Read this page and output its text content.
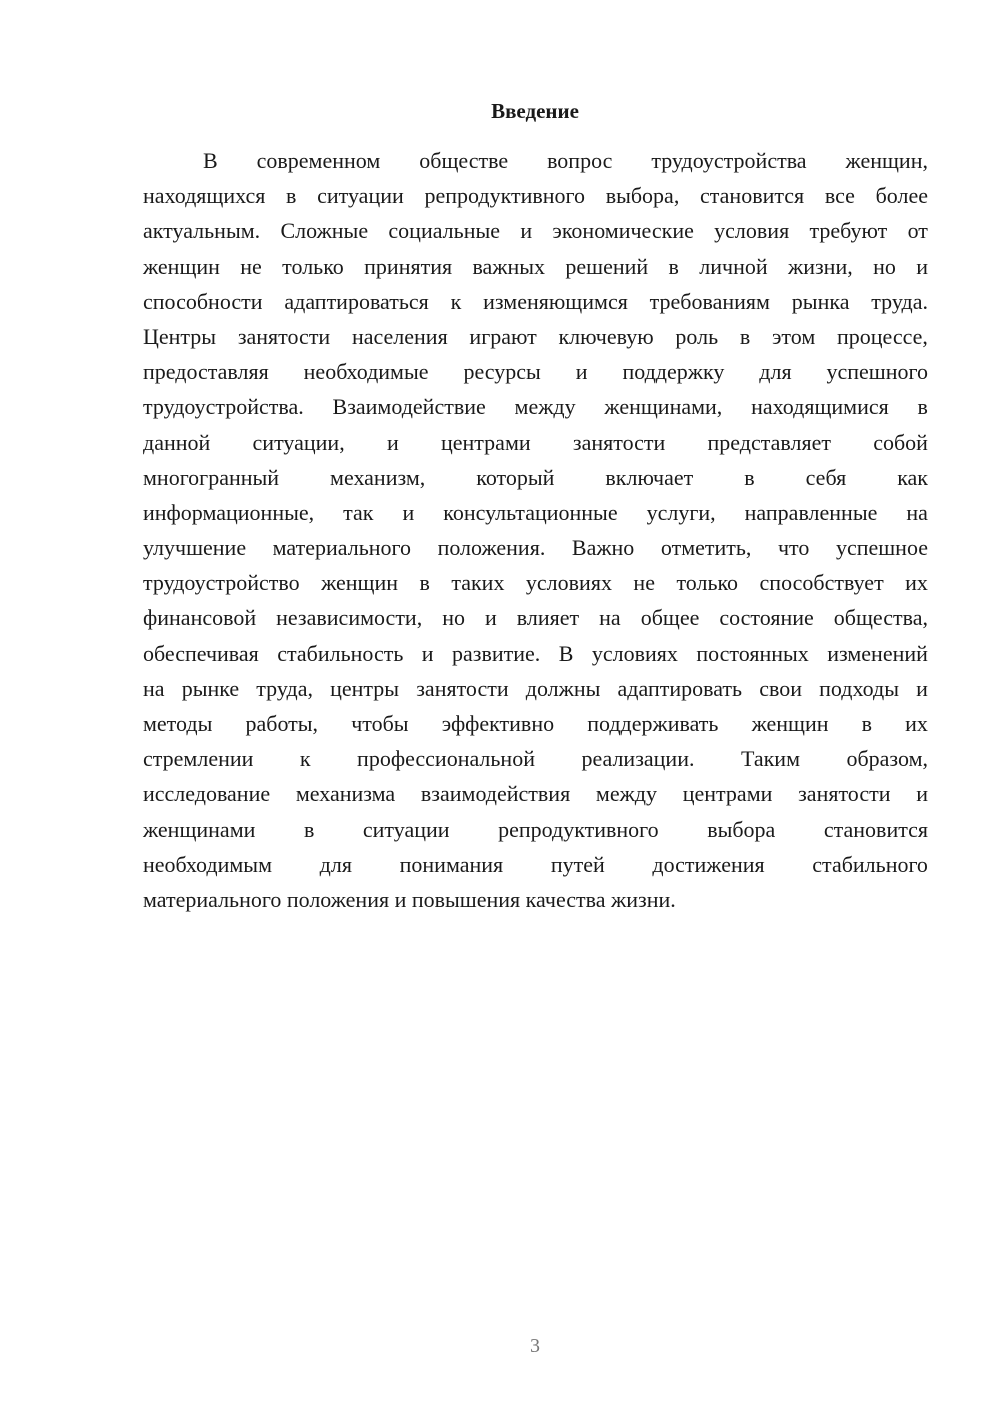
Введение
В современном обществе вопрос трудоустройства женщин,
находящихся в ситуации репродуктивного выбора, становится все более
актуальным. Сложные социальные и экономические условия требуют от
женщин не только принятия важных решений в личной жизни, но и
способности адаптироваться к изменяющимся требованиям рынка труда.
Центры занятости населения играют ключевую роль в этом процессе,
предоставляя необходимые ресурсы и поддержку для успешного
трудоустройства. Взаимодействие между женщинами, находящимися в
данной ситуации, и центрами занятости представляет собой
многогранный механизм, который включает в себя как
информационные, так и консультационные услуги, направленные на
улучшение материального положения. Важно отметить, что успешное
трудоустройство женщин в таких условиях не только способствует их
финансовой независимости, но и влияет на общее состояние общества,
обеспечивая стабильность и развитие. В условиях постоянных изменений
на рынке труда, центры занятости должны адаптировать свои подходы и
методы работы, чтобы эффективно поддерживать женщин в их
стремлении к профессиональной реализации. Таким образом,
исследование механизма взаимодействия между центрами занятости и
женщинами в ситуации репродуктивного выбора становится
необходимым для понимания путей достижения стабильного
материального положения и повышения качества жизни.
3
